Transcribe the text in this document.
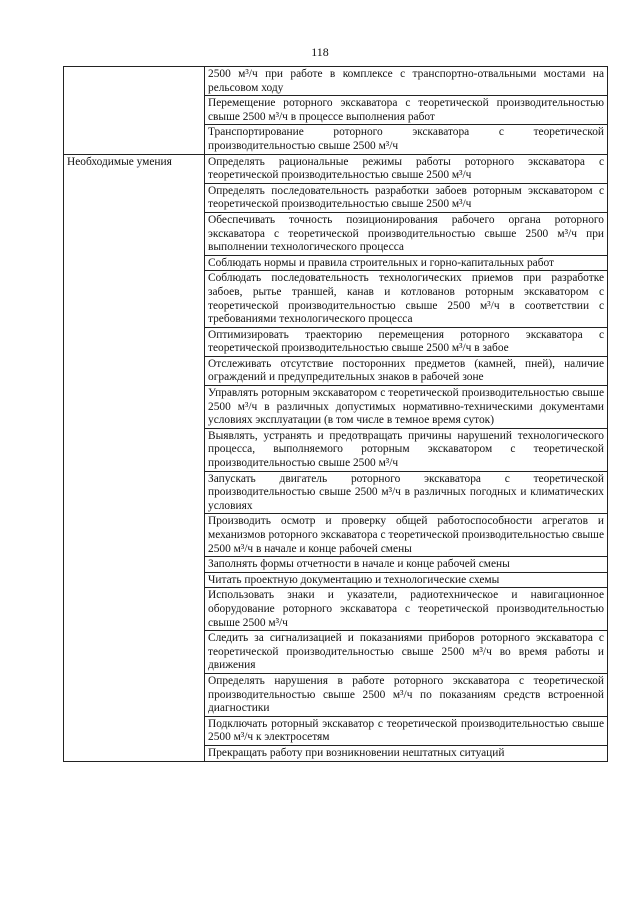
118

	2500 м³/ч при работе в комплексе с транспортно-отвальными мостами на рельсовом ходу

	Перемещение роторного экскаватора с теоретической производительностью свыше 2500 м³/ч в процессе выполнения работ

	Транспортирование роторного экскаватора с теоретической производительностью свыше 2500 м³/ч

Необходимые умения	Определять рациональные режимы работы роторного экскаватора с теоретической производительностью свыше 2500 м³/ч

	Определять последовательность разработки забоев роторным экскаватором с теоретической производительностью свыше 2500 м³/ч

	Обеспечивать точность позиционирования рабочего органа роторного экскаватора с теоретической производительностью свыше 2500 м³/ч при выполнении технологического процесса

	Соблюдать нормы и правила строительных и горно-капитальных работ

	Соблюдать последовательность технологических приемов при разработке забоев, рытье траншей, канав и котлованов роторным экскаватором с теоретической производительностью свыше 2500 м³/ч в соответствии с требованиями технологического процесса

	Оптимизировать траекторию перемещения роторного экскаватора с теоретической производительностью свыше 2500 м³/ч в забое

	Отслеживать отсутствие посторонних предметов (камней, пней), наличие ограждений и предупредительных знаков в рабочей зоне

	Управлять роторным экскаватором с теоретической производительностью свыше 2500 м³/ч в различных допустимых нормативно-техническими документами условиях эксплуатации (в том числе в темное время суток)

	Выявлять, устранять и предотвращать причины нарушений технологического процесса, выполняемого роторным экскаватором с теоретической производительностью свыше 2500 м³/ч

	Запускать двигатель роторного экскаватора с теоретической производительностью свыше 2500 м³/ч в различных погодных и климатических условиях

	Производить осмотр и проверку общей работоспособности агрегатов и механизмов роторного экскаватора с теоретической производительностью свыше 2500 м³/ч в начале и конце рабочей смены

	Заполнять формы отчетности в начале и конце рабочей смены

	Читать проектную документацию и технологические схемы

	Использовать знаки и указатели, радиотехническое и навигационное оборудование роторного экскаватора с теоретической производительностью свыше 2500 м³/ч

	Следить за сигнализацией и показаниями приборов роторного экскаватора с теоретической производительностью свыше 2500 м³/ч во время работы и движения

	Определять нарушения в работе роторного экскаватора с теоретической производительностью свыше 2500 м³/ч по показаниям средств встроенной диагностики

	Подключать роторный экскаватор с теоретической производительностью свыше 2500 м³/ч к электросетям

	Прекращать работу при возникновении нештатных ситуаций
